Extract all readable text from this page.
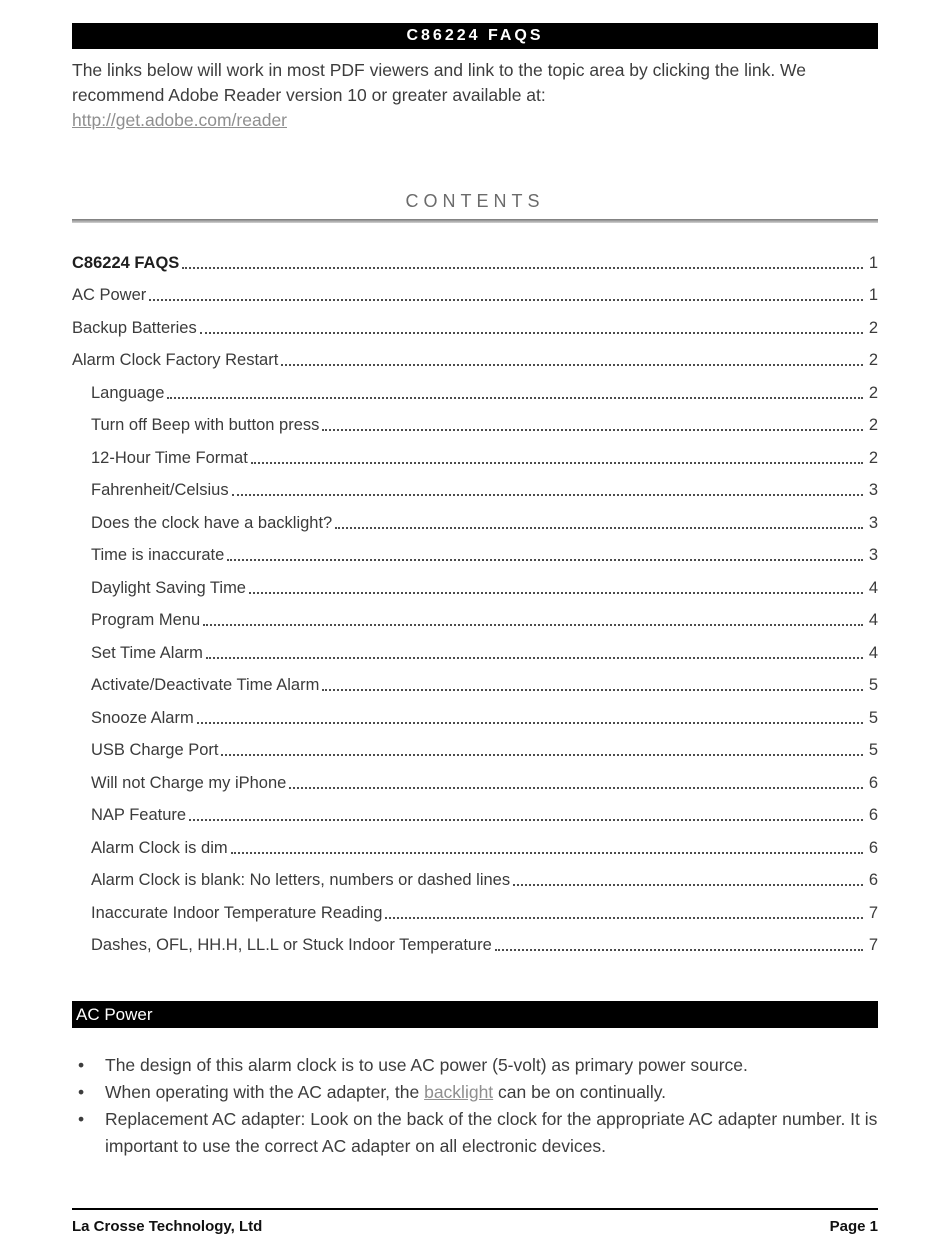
C86224 FAQS

The links below will work in most PDF viewers and link to the topic area by clicking the link. We recommend Adobe Reader version 10 or greater available at:
http://get.adobe.com/reader

CONTENTS
C86224 FAQS	1
AC Power	1
Backup Batteries	2
Alarm Clock Factory Restart	2
Language	2
Turn off Beep with button press	2
12-Hour Time Format	2
Fahrenheit/Celsius	3
Does the clock have a backlight?	3
Time is inaccurate	3
Daylight Saving Time	4
Program Menu	4
Set Time Alarm	4
Activate/Deactivate Time Alarm	5
Snooze Alarm	5
USB Charge Port	5
Will not Charge my iPhone	6
NAP Feature	6
Alarm Clock is dim	6
Alarm Clock is blank: No letters, numbers or dashed lines	6
Inaccurate Indoor Temperature Reading	7
Dashes, OFL, HH.H, LL.L or Stuck Indoor Temperature	7
AC Power
•	The design of this alarm clock is to use AC power (5-volt) as primary power source.
•	When operating with the AC adapter, the backlight can be on continually.
•	Replacement AC adapter: Look on the back of the clock for the appropriate AC adapter number. It is important to use the correct AC adapter on all electronic devices.
La Crosse Technology, Ltd	Page 1
